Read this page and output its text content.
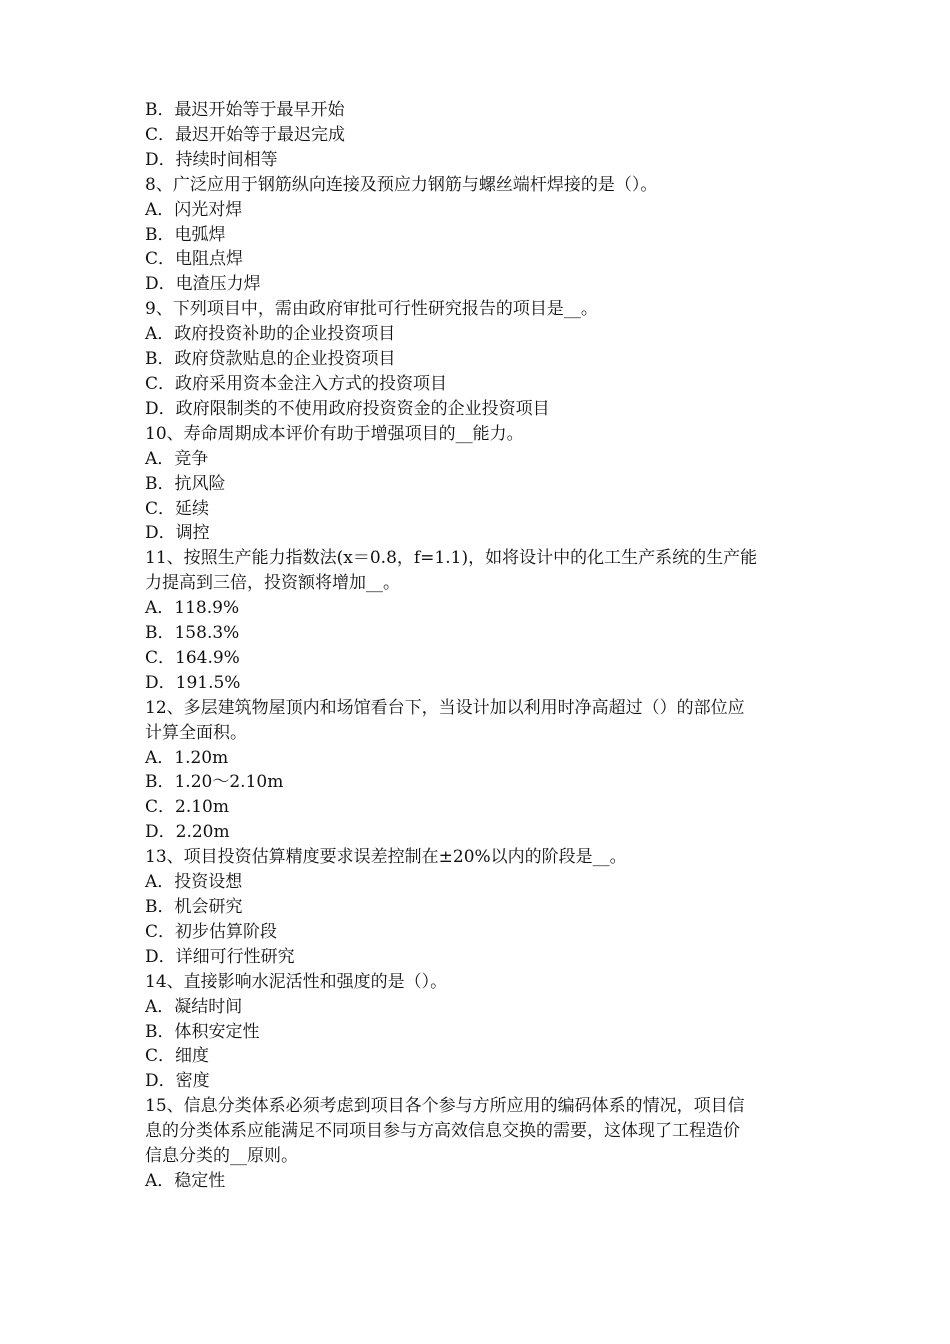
B．最迟开始等于最早开始

C．最迟开始等于最迟完成

D．持续时间相等

8、广泛应用于钢筋纵向连接及预应力钢筋与螺丝端杆焊接的是（）。

A．闪光对焊

B．电弧焊

C．电阻点焊

D．电渣压力焊

9、下列项目中，需由政府审批可行性研究报告的项目是__。

A．政府投资补助的企业投资项目

B．政府贷款贴息的企业投资项目

C．政府采用资本金注入方式的投资项目

D．政府限制类的不使用政府投资资金的企业投资项目

10、寿命周期成本评价有助于增强项目的__能力。

A．竞争

B．抗风险

C．延续

D．调控

11、按照生产能力指数法(x＝0.8，f=1.1)，如将设计中的化工生产系统的生产能

力提高到三倍，投资额将增加__。

A．118.9%

B．158.3%

C．164.9%

D．191.5%

12、多层建筑物屋顶内和场馆看台下，当设计加以利用时净高超过（）的部位应

计算全面积。

A．1.20m

B．1.20～2.10m

C．2.10m

D．2.20m

13、项目投资估算精度要求误差控制在±20%以内的阶段是__。

A．投资设想

B．机会研究

C．初步估算阶段

D．详细可行性研究

14、直接影响水泥活性和强度的是（）。

A．凝结时间

B．体积安定性

C．细度

D．密度

15、信息分类体系必须考虑到项目各个参与方所应用的编码体系的情况，项目信

息的分类体系应能满足不同项目参与方高效信息交换的需要，这体现了工程造价

信息分类的__原则。

A．稳定性
